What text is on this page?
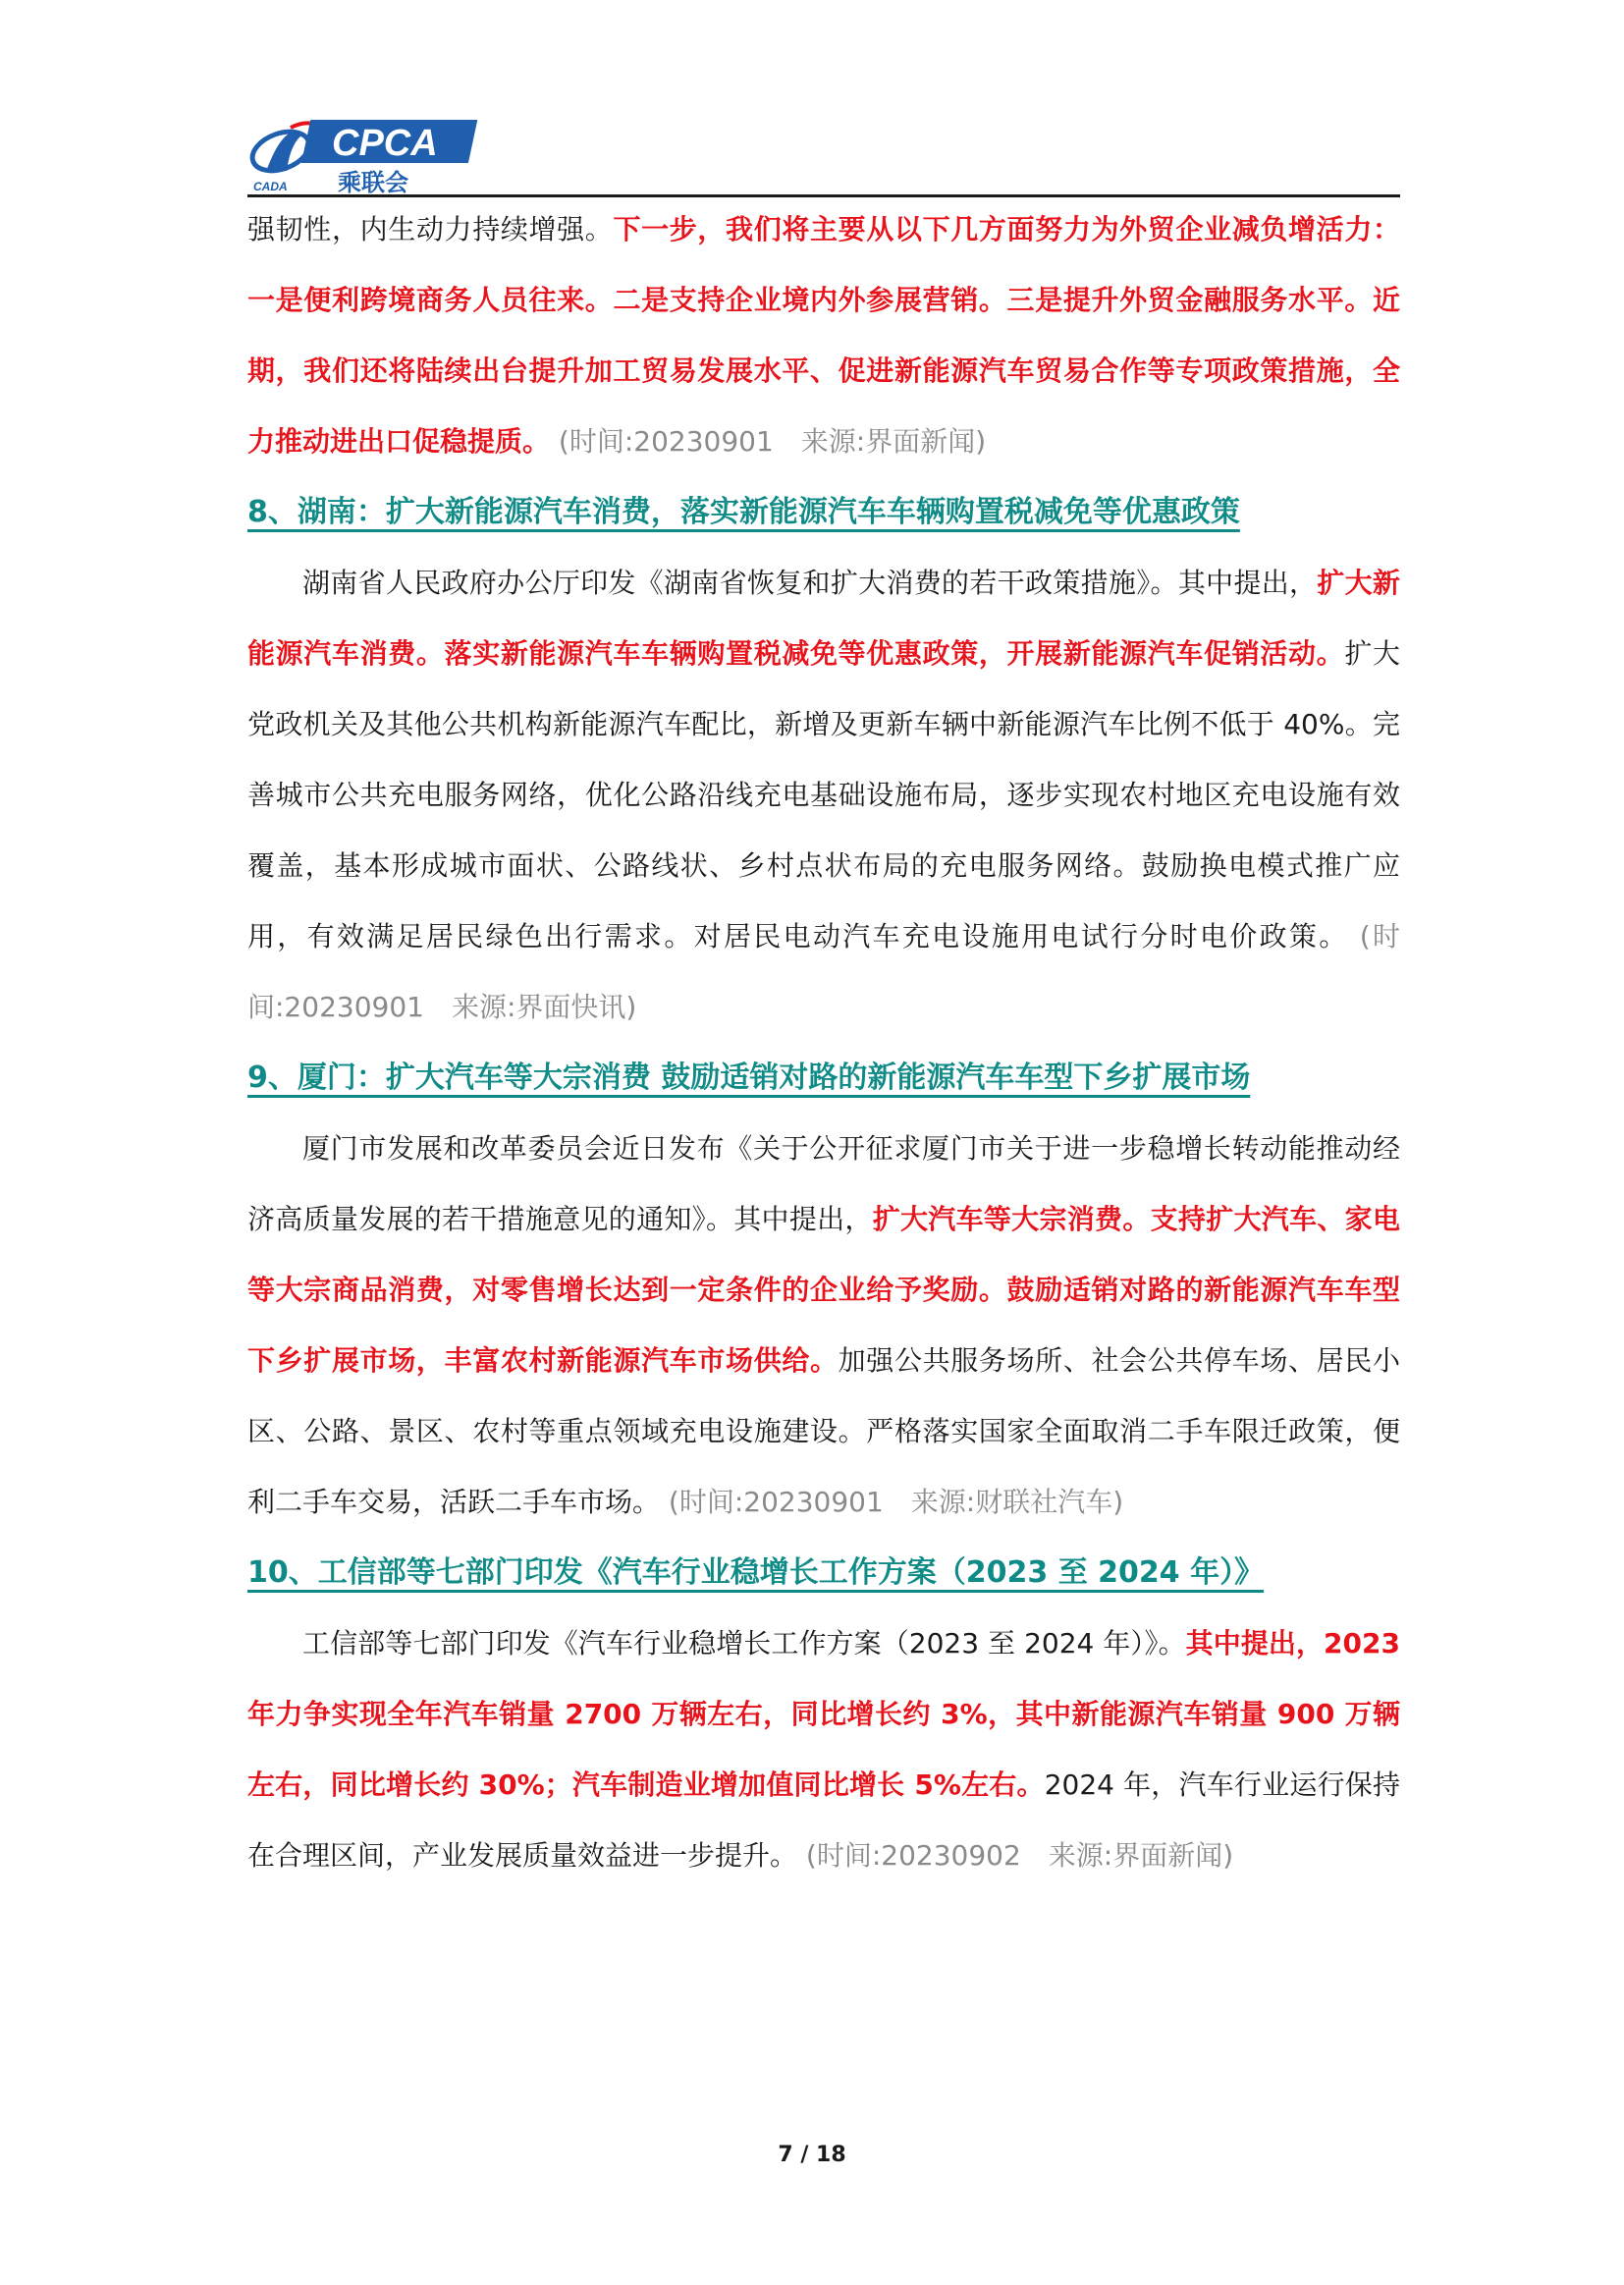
CPCA
CADA 乘联会

强韧性，内生动力持续增强。下一步，我们将主要从以下几方面努力为外贸企业减负增活力：一是便利跨境商务人员往来。二是支持企业境内外参展营销。三是提升外贸金融服务水平。近期，我们还将陆续出台提升加工贸易发展水平、促进新能源汽车贸易合作等专项政策措施，全力推动进出口促稳提质。 (时间:20230901　来源:界面新闻)

8、湖南：扩大新能源汽车消费，落实新能源汽车车辆购置税减免等优惠政策

湖南省人民政府办公厅印发《湖南省恢复和扩大消费的若干政策措施》。其中提出，扩大新能源汽车消费。落实新能源汽车车辆购置税减免等优惠政策，开展新能源汽车促销活动。扩大党政机关及其他公共机构新能源汽车配比，新增及更新车辆中新能源汽车比例不低于 40%。完善城市公共充电服务网络，优化公路沿线充电基础设施布局，逐步实现农村地区充电设施有效覆盖，基本形成城市面状、公路线状、乡村点状布局的充电服务网络。鼓励换电模式推广应用，有效满足居民绿色出行需求。对居民电动汽车充电设施用电试行分时电价政策。 (时间:20230901　来源:界面快讯)

9、厦门：扩大汽车等大宗消费 鼓励适销对路的新能源汽车车型下乡扩展市场

厦门市发展和改革委员会近日发布《关于公开征求厦门市关于进一步稳增长转动能推动经济高质量发展的若干措施意见的通知》。其中提出，扩大汽车等大宗消费。支持扩大汽车、家电等大宗商品消费，对零售增长达到一定条件的企业给予奖励。鼓励适销对路的新能源汽车车型下乡扩展市场，丰富农村新能源汽车市场供给。加强公共服务场所、社会公共停车场、居民小区、公路、景区、农村等重点领域充电设施建设。严格落实国家全面取消二手车限迁政策，便利二手车交易，活跃二手车市场。 (时间:20230901　来源:财联社汽车)

10、工信部等七部门印发《汽车行业稳增长工作方案（2023 至 2024 年）》

工信部等七部门印发《汽车行业稳增长工作方案（2023 至 2024 年）》。其中提出，2023 年力争实现全年汽车销量 2700 万辆左右，同比增长约 3%，其中新能源汽车销量 900 万辆左右，同比增长约 30%；汽车制造业增加值同比增长 5%左右。2024 年，汽车行业运行保持在合理区间，产业发展质量效益进一步提升。 (时间:20230902　来源:界面新闻)

7 / 18
